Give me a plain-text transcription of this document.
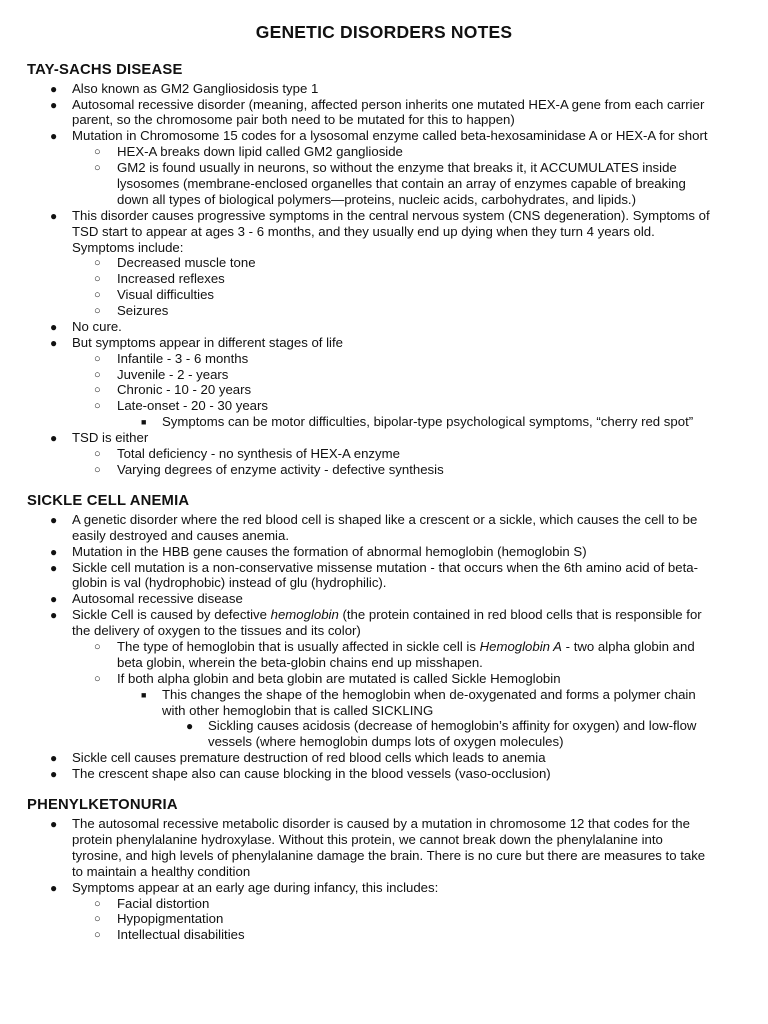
GENETIC DISORDERS NOTES
TAY-SACHS DISEASE
● Also known as GM2 Gangliosidosis type 1

● Autosomal recessive disorder (meaning, affected person inherits one mutated HEX-A gene from each carrier

parent, so the chromosome pair both need to be mutated for this to happen)

● Mutation in Chromosome 15 codes for a lysosomal enzyme called beta-hexosaminidase A or HEX-A for short

○ HEX-A breaks down lipid called GM2 ganglioside

○ GM2 is found usually in neurons, so without the enzyme that breaks it, it ACCUMULATES inside

lysosomes (membrane-enclosed organelles that contain an array of enzymes capable of breaking

down all types of biological polymers—proteins, nucleic acids, carbohydrates, and lipids.)

● This disorder causes progressive symptoms in the central nervous system (CNS degeneration). Symptoms of

TSD start to appear at ages 3 - 6 months, and they usually end up dying when they turn 4 years old.

Symptoms include:

○ Decreased muscle tone

○ Increased reflexes

○ Visual difficulties

○ Seizures

● No cure.

● But symptoms appear in different stages of life

○ Infantile - 3 - 6 months

○ Juvenile - 2 - years

○ Chronic - 10 - 20 years

○ Late-onset - 20 - 30 years

■ Symptoms can be motor difficulties, bipolar-type psychological symptoms, “cherry red spot”

● TSD is either

○ Total deficiency - no synthesis of HEX-A enzyme

○ Varying degrees of enzyme activity - defective synthesis

SICKLE CELL ANEMIA
● A genetic disorder where the red blood cell is shaped like a crescent or a sickle, which causes the cell to be

easily destroyed and causes anemia.

● Mutation in the HBB gene causes the formation of abnormal hemoglobin (hemoglobin S)

● Sickle cell mutation is a non-conservative missense mutation - that occurs when the 6th amino acid of beta-

globin is val (hydrophobic) instead of glu (hydrophilic).

● Autosomal recessive disease

● Sickle Cell is caused by defective hemoglobin (the protein contained in red blood cells that is responsible for

the delivery of oxygen to the tissues and its color)

○ The type of hemoglobin that is usually affected in sickle cell is Hemoglobin A - two alpha globin and

beta globin, wherein the beta-globin chains end up misshapen.

○ If both alpha globin and beta globin are mutated is called Sickle Hemoglobin

■ This changes the shape of the hemoglobin when de-oxygenated and forms a polymer chain

with other hemoglobin that is called SICKLING

● Sickling causes acidosis (decrease of hemoglobin’s affinity for oxygen) and low-flow

vessels (where hemoglobin dumps lots of oxygen molecules)

● Sickle cell causes premature destruction of red blood cells which leads to anemia

● The crescent shape also can cause blocking in the blood vessels (vaso-occlusion)

PHENYLKETONURIA
● The autosomal recessive metabolic disorder is caused by a mutation in chromosome 12 that codes for the

protein phenylalanine hydroxylase. Without this protein, we cannot break down the phenylalanine into

tyrosine, and high levels of phenylalanine damage the brain. There is no cure but there are measures to take

to maintain a healthy condition

● Symptoms appear at an early age during infancy, this includes:

○ Facial distortion

○ Hypopigmentation

○ Intellectual disabilities
